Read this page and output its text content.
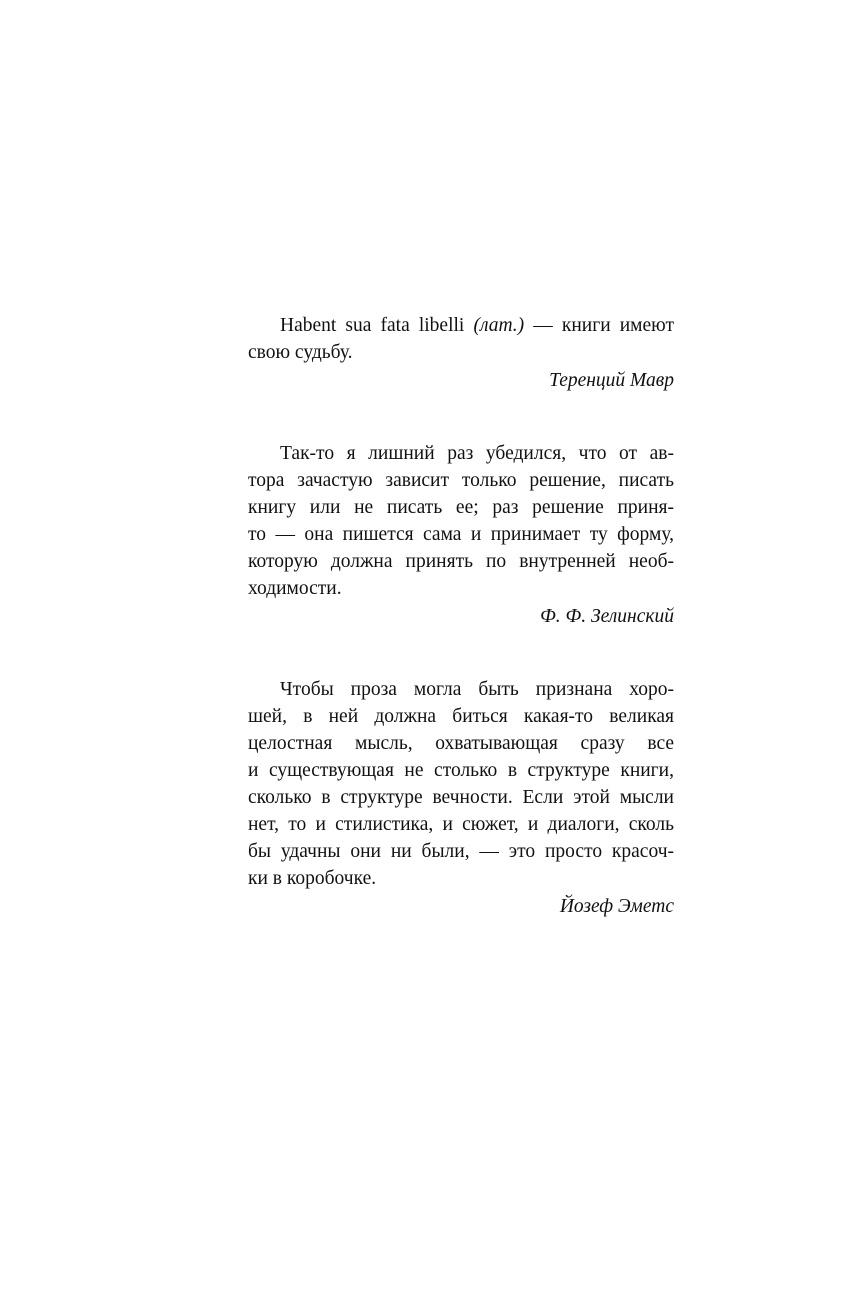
Habent sua fata libelli (лат.) — книги имеют
свою судьбу.
Теренций Мавр
Так-то я лишний раз убедился, что от ав-
тора зачастую зависит только решение, писать
книгу или не писать ее; раз решение приня-
то — она пишется сама и принимает ту форму,
которую должна принять по внутренней необ-
ходимости.
Ф. Ф. Зелинский
Чтобы проза могла быть признана хоро-
шей, в ней должна биться какая-то великая
целостная мысль, охватывающая сразу все
и существующая не столько в структуре книги,
сколько в структуре вечности. Если этой мысли
нет, то и стилистика, и сюжет, и диалоги, сколь
бы удачны они ни были, — это просто красоч-
ки в коробочке.
Йозеф Эметс
